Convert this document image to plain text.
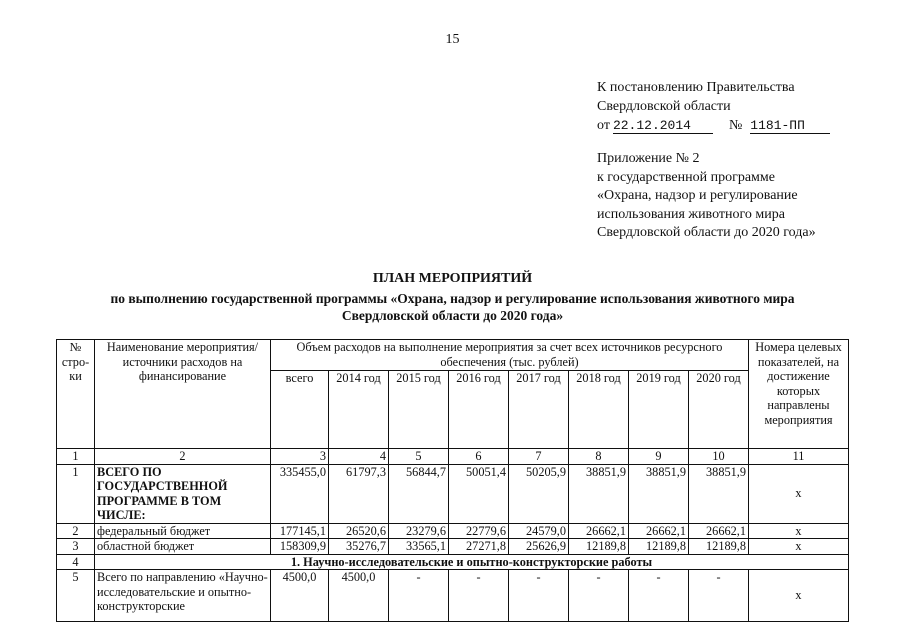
15
К постановлению Правительства
Свердловской области
от 22.12.2014	№ 1181-ПП
Приложение № 2
к государственной программе
«Охрана, надзор и регулирование
использования животного мира
Свердловской области до 2020 года»
ПЛАН МЕРОПРИЯТИЙ
по выполнению государственной программы «Охрана, надзор и регулирование использования животного мира
Свердловской области до 2020 года»
№ стро-ки	Наименование мероприятия/ источники расходов на финансирование	Объем расходов на выполнение мероприятия за счет всех источников ресурсного обеспечения (тыс. рублей)								Номера целевых показателей, на достижение которых направлены мероприятия
		всего	2014 год	2015 год	2016 год	2017 год	2018 год	2019 год	2020 год	
1	2	3	4	5	6	7	8	9	10	11
1	ВСЕГО ПО ГОСУДАРСТВЕННОЙ ПРОГРАММЕ В ТОМ ЧИСЛЕ:	335455,0	61797,3	56844,7	50051,4	50205,9	38851,9	38851,9	38851,9	х
2	федеральный бюджет	177145,1	26520,6	23279,6	22779,6	24579,0	26662,1	26662,1	26662,1	х
3	областной бюджет	158309,9	35276,7	33565,1	27271,8	25626,9	12189,8	12189,8	12189,8	х
4	1. Научно-исследовательские и опытно-конструкторские работы									
5	Всего по направлению «Научно-исследовательские и опытно-конструкторские	4500,0	4500,0	-	-	-	-	-	-	х
